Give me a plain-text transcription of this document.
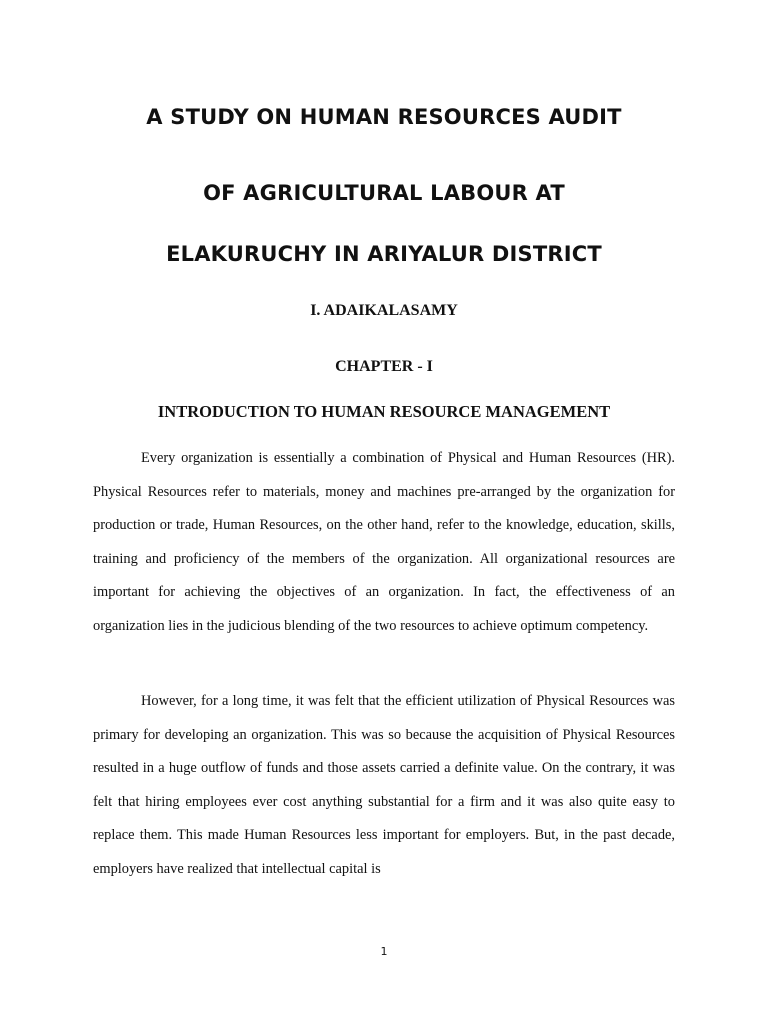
A STUDY ON HUMAN RESOURCES AUDIT
OF AGRICULTURAL LABOUR AT
ELAKURUCHY IN ARIYALUR DISTRICT
I. ADAIKALASAMY
CHAPTER - I
INTRODUCTION TO HUMAN RESOURCE MANAGEMENT

Every organization is essentially a combination of Physical and Human Resources (HR). Physical Resources refer to materials, money and machines pre-arranged by the organization for production or trade, Human Resources, on the other hand, refer to the knowledge, education, skills, training and proficiency of the members of the organization. All organizational resources are important for achieving the objectives of an organization. In fact, the effectiveness of an organization lies in the judicious blending of the two resources to achieve optimum competency.

However, for a long time, it was felt that the efficient utilization of Physical Resources was primary for developing an organization. This was so because the acquisition of Physical Resources resulted in a huge outflow of funds and those assets carried a definite value. On the contrary, it was felt that hiring employees ever cost anything substantial for a firm and it was also quite easy to replace them. This made Human Resources less important for employers. But, in the past decade, employers have realized that intellectual capital is

1
